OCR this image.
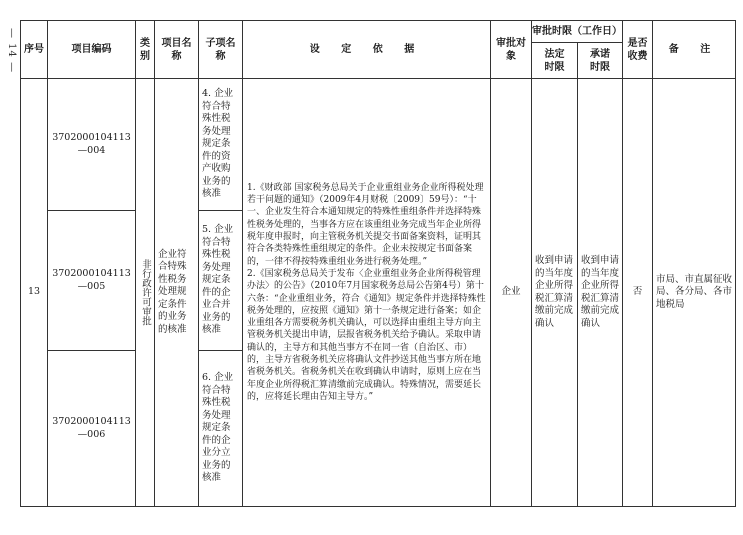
— 14 — 序号	项目编码	类别	项目名称	子项名称	设 定 依 据	审批对象	审批时限（工作日）		是否收费	备 注

							法定时限	承诺时限		

13	3702000104113—004	非行政许可审批	企业符合特殊性税务处理规定条件的业务的核准	4. 企业符合特殊性税务处理规定条件的资产收购业务的核准	1.《财政部 国家税务总局关于企业重组业务企业所得税处理若干问题的通知》（2009年4月财税〔2009〕59号）：“十一、企业发生符合本通知规定的特殊性重组条件并选择特殊性税务处理的，当事各方应在该重组业务完成当年企业所得税年度申报时，向主管税务机关提交书面备案资料，证明其符合各类特殊性重组规定的条件。企业未按规定书面备案的，一律不得按特殊重组业务进行税务处理。”
2.《国家税务总局关于发布〈企业重组业务企业所得税管理办法〉的公告》（2010年7月国家税务总局公告第4号）第十六条：“企业重组业务，符合《通知》规定条件并选择特殊性税务处理的，应按照《通知》第十一条规定进行备案；如企业重组各方需要税务机关确认，可以选择由重组主导方向主管税务机关提出申请，层报省税务机关给予确认。采取申请确认的，主导方和其他当事方不在同一省（自治区、市）的，主导方省税务机关应将确认文件抄送其他当事方所在地省税务机关。省税务机关在收到确认申请时，原则上应在当年度企业所得税汇算清缴前完成确认。特殊情况，需要延长的，应将延长理由告知主导方。”	企业	收到申请的当年度企业所得税汇算清缴前完成确认	收到申请的当年度企业所得税汇算清缴前完成确认	否	市局、市直属征收局、各分局、各市地税局

	3702000104113—005			5. 企业符合特殊性税务处理规定条件的企业合并业务的核准						

	3702000104113—006			6. 企业符合特殊性税务处理规定条件的企业分立业务的核准						
